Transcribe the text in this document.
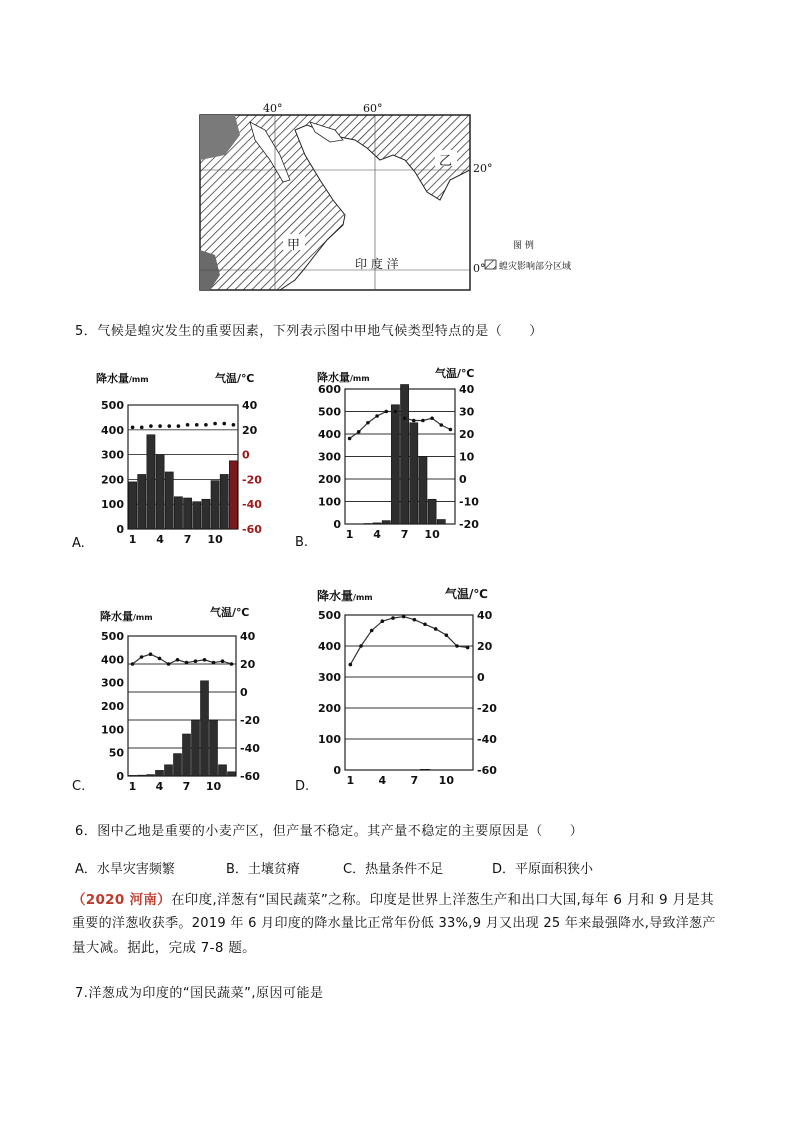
40°	60°
20°
0°
甲
乙
印 度 洋
图 例
蝗灾影响部分区域
5．气候是蝗灾发生的重要因素，下列表示图中甲地气候类型特点的是（　　）
降水量/mm	气温/℃
500
400
300
200
100
0
40
20
0
-20
-40
-60
1 4 7 10
A.
降水量/mm	气温/℃
600
500
400
300
200
100
0
40
30
20
10
0
-10
-20
1 4 7 10
B.
降水量/mm	气温/℃
500
400
300
200
100
50
0
40
20
0
-20
-40
-60
1 4 7 10
C.
降水量/mm	气温/℃
500
400
300
200
100
0
40
20
0
-20
-40
-60
1 4 7 10
D.
6．图中乙地是重要的小麦产区，但产量不稳定。其产量不稳定的主要原因是（　　）
A．水旱灾害频繁	B．土壤贫瘠	C．热量条件不足	D．平原面积狭小
（2020 河南）在印度,洋葱有“国民蔬菜”之称。印度是世界上洋葱生产和出口大国,每年 6 月和 9 月是其
重要的洋葱收获季。2019 年 6 月印度的降水量比正常年份低 33%,9 月又出现 25 年来最强降水,导致洋葱产
量大减。据此，完成 7-8 题。
7.洋葱成为印度的“国民蔬菜”,原因可能是
